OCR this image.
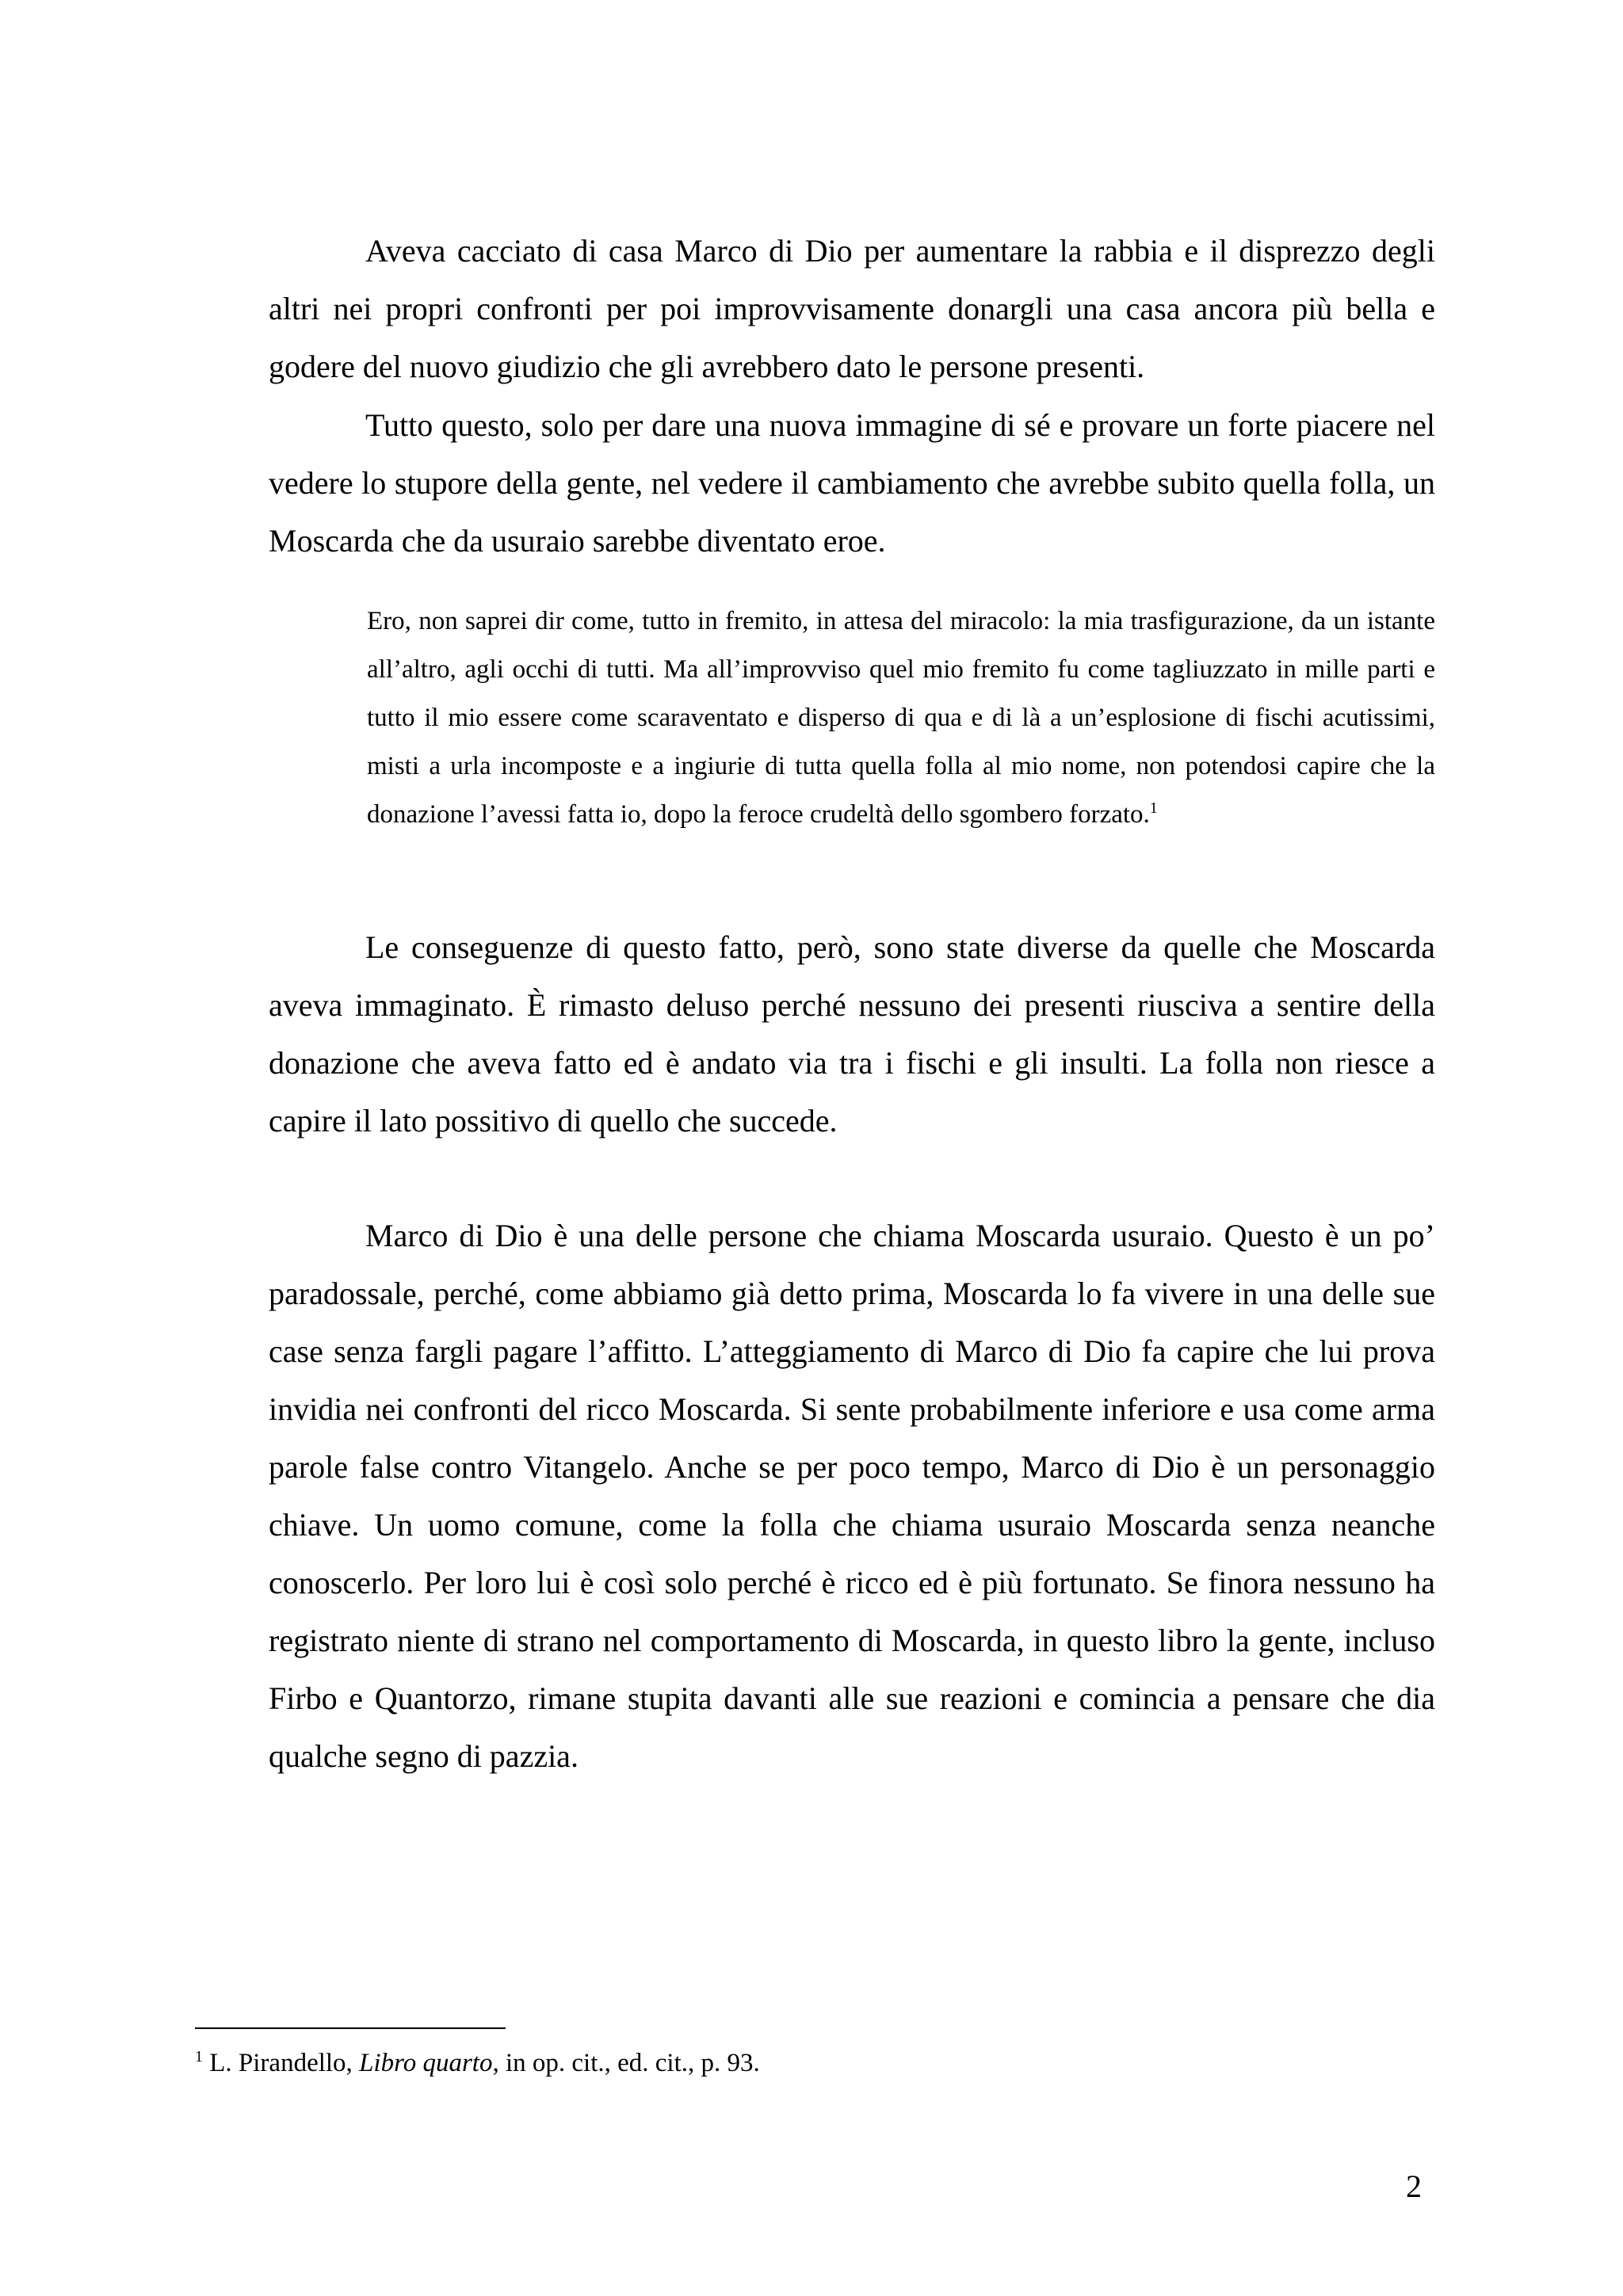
Aveva cacciato di casa Marco di Dio per aumentare la rabbia e il disprezzo degli altri nei propri confronti per poi improvvisamente donargli una casa ancora più bella e godere del nuovo giudizio che gli avrebbero dato le persone presenti.

Tutto questo, solo per dare una nuova immagine di sé e provare un forte piacere nel vedere lo stupore della gente, nel vedere il cambiamento che avrebbe subito quella folla, un Moscarda che da usuraio sarebbe diventato eroe.

Ero, non saprei dir come, tutto in fremito, in attesa del miracolo: la mia trasfigurazione, da un istante all’altro, agli occhi di tutti. Ma all’improvviso quel mio fremito fu come tagliuzzato in mille parti e tutto il mio essere come scaraventato e disperso di qua e di là a un’esplosione di fischi acutissimi, misti a urla incomposte e a ingiurie di tutta quella folla al mio nome, non potendosi capire che la donazione l’avessi fatta io, dopo la feroce crudeltà dello sgombero forzato.$^1$

Le conseguenze di questo fatto, però, sono state diverse da quelle che Moscarda aveva immaginato. È rimasto deluso perché nessuno dei presenti riusciva a sentire della donazione che aveva fatto ed è andato via tra i fischi e gli insulti. La folla non riesce a capire il lato possitivo di quello che succede.

Marco di Dio è una delle persone che chiama Moscarda usuraio. Questo è un po’ paradossale, perché, come abbiamo già detto prima, Moscarda lo fa vivere in una delle sue case senza fargli pagare l’affitto. L’atteggiamento di Marco di Dio fa capire che lui prova invidia nei confronti del ricco Moscarda. Si sente probabilmente inferiore e usa come arma parole false contro Vitangelo. Anche se per poco tempo, Marco di Dio è un personaggio chiave. Un uomo comune, come la folla che chiama usuraio Moscarda senza neanche conoscerlo. Per loro lui è così solo perché è ricco ed è più fortunato. Se finora nessuno ha registrato niente di strano nel comportamento di Moscarda, in questo libro la gente, incluso Firbo e Quantorzo, rimane stupita davanti alle sue reazioni e comincia a pensare che dia qualche segno di pazzia.

$^1$ L. Pirandello, Libro quarto, in op. cit., ed. cit., p. 93.

2
